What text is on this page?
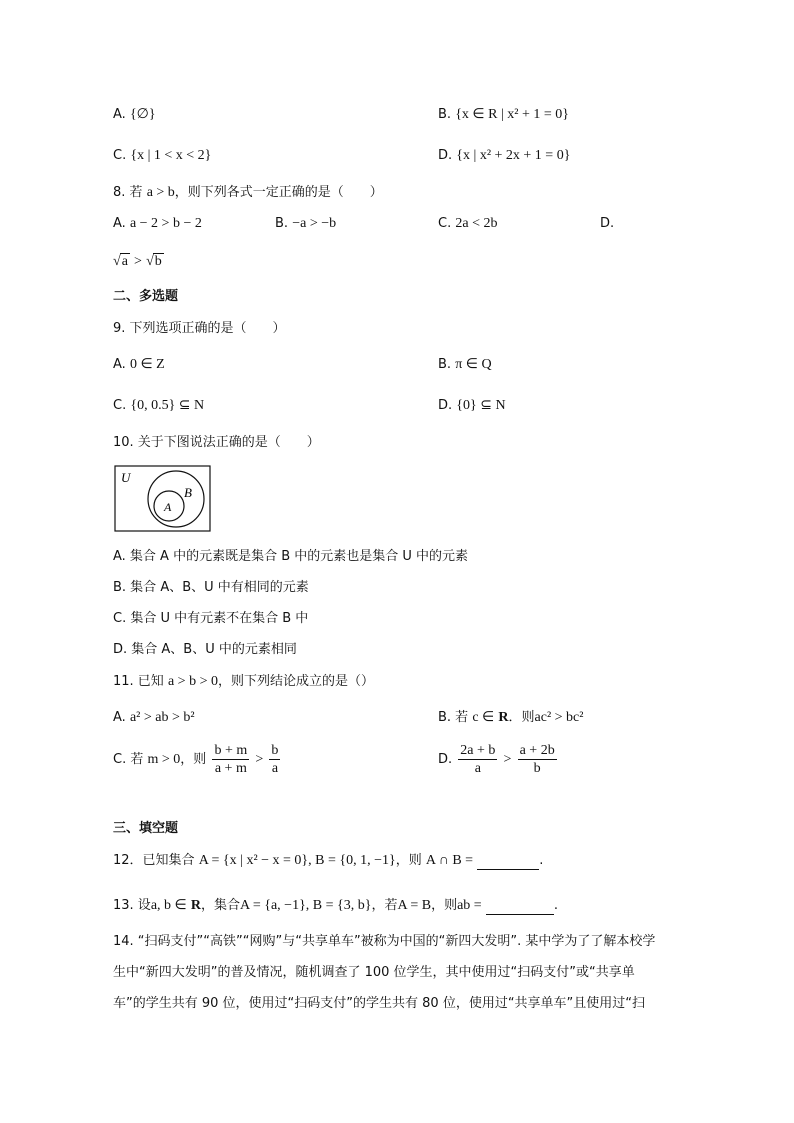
A. {∅}	B. {x ∈ R | x² + 1 = 0}
C. {x | 1 < x < 2}	D. {x | x² + 2x + 1 = 0}
8. 若 a > b，则下列各式一定正确的是（　　）
A. a − 2 > b − 2	B. −a > −b	C. 2a < 2b	D.
√a > √b
二、多选题
9. 下列选项正确的是（　　）
A. 0 ∈ Z	B. π ∈ Q
C. {0, 0.5} ⊆ N	D. {0} ⊆ N
10. 关于下图说法正确的是（　　）
U
B
A
A. 集合 A 中的元素既是集合 B 中的元素也是集合 U 中的元素
B. 集合 A、B、U 中有相同的元素
C. 集合 U 中有元素不在集合 B 中
D. 集合 A、B、U 中的元素相同
11. 已知 a > b > 0，则下列结论成立的是（）
A. a² > ab > b²	B. 若 c ∈ R．则ac² > bc²
C. 若 m > 0，则 $\frac{b + m}{a + m} > \frac{b}{a}$	D. $\frac{2a + b}{a} > \frac{a + 2b}{b}$
三、填空题
12．已知集合 A = {x | x² − x = 0}, B = {0, 1, −1}，则 A ∩ B =	.
13. 设a, b ∈ R，集合A = {a, −1}, B = {3, b}，若A = B，则ab =	.
14. “扫码支付”“高铁”“网购”与“共享单车”被称为中国的“新四大发明”. 某中学为了了解本校学
生中“新四大发明”的普及情况，随机调查了 100 位学生，其中使用过“扫码支付”或“共享单
车”的学生共有 90 位，使用过“扫码支付”的学生共有 80 位，使用过“共享单车”且使用过“扫
